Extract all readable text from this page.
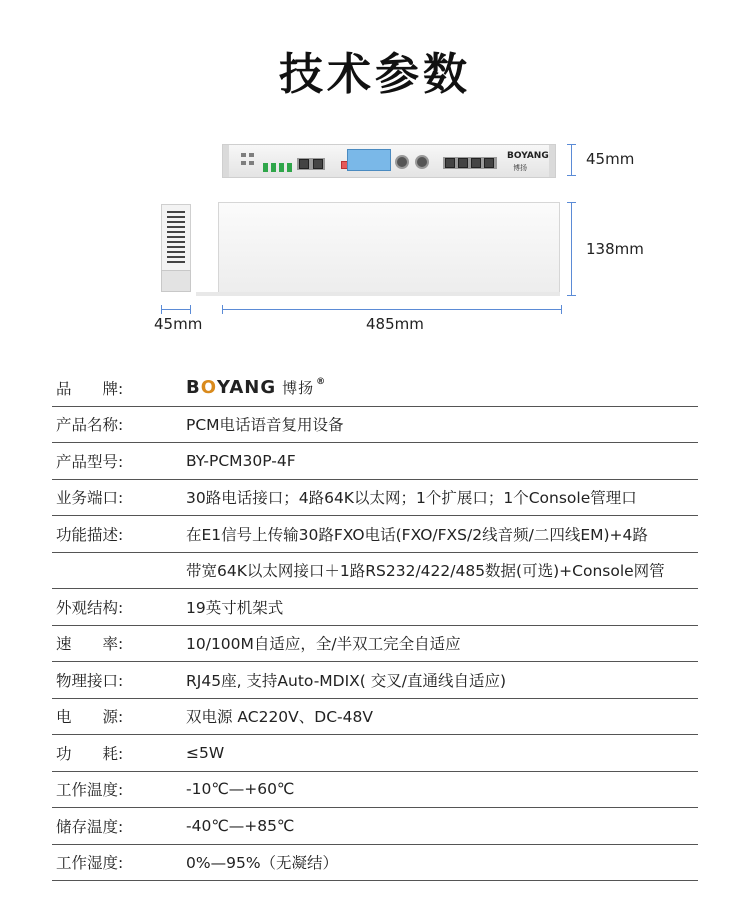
技术参数
BOYANG
博扬	45mm
138mm
45mm	485mm
品　　牌:	B O YANG 博扬 ®
产品名称:	PCM电话语音复用设备
产品型号:	BY-PCM30P-4F
业务端口:	30路电话接口；4路64K以太网；1个扩展口；1个Console管理口
功能描述:	在E1信号上传输30路FXO电话(FXO/FXS/2线音频/二四线EM)+4路
带宽64K以太网接口＋1路RS232/422/485数据(可选)+Console网管
外观结构:	19英寸机架式
速　　率:	10/100M自适应，全/半双工完全自适应
物理接口:	RJ45座, 支持Auto-MDIX( 交叉/直通线自适应)
电　　源:	双电源 AC220V、DC-48V
功　　耗:	≤5W
工作温度:	-10℃—+60℃
储存温度:	-40℃—+85℃
工作湿度:	0%—95%（无凝结）
